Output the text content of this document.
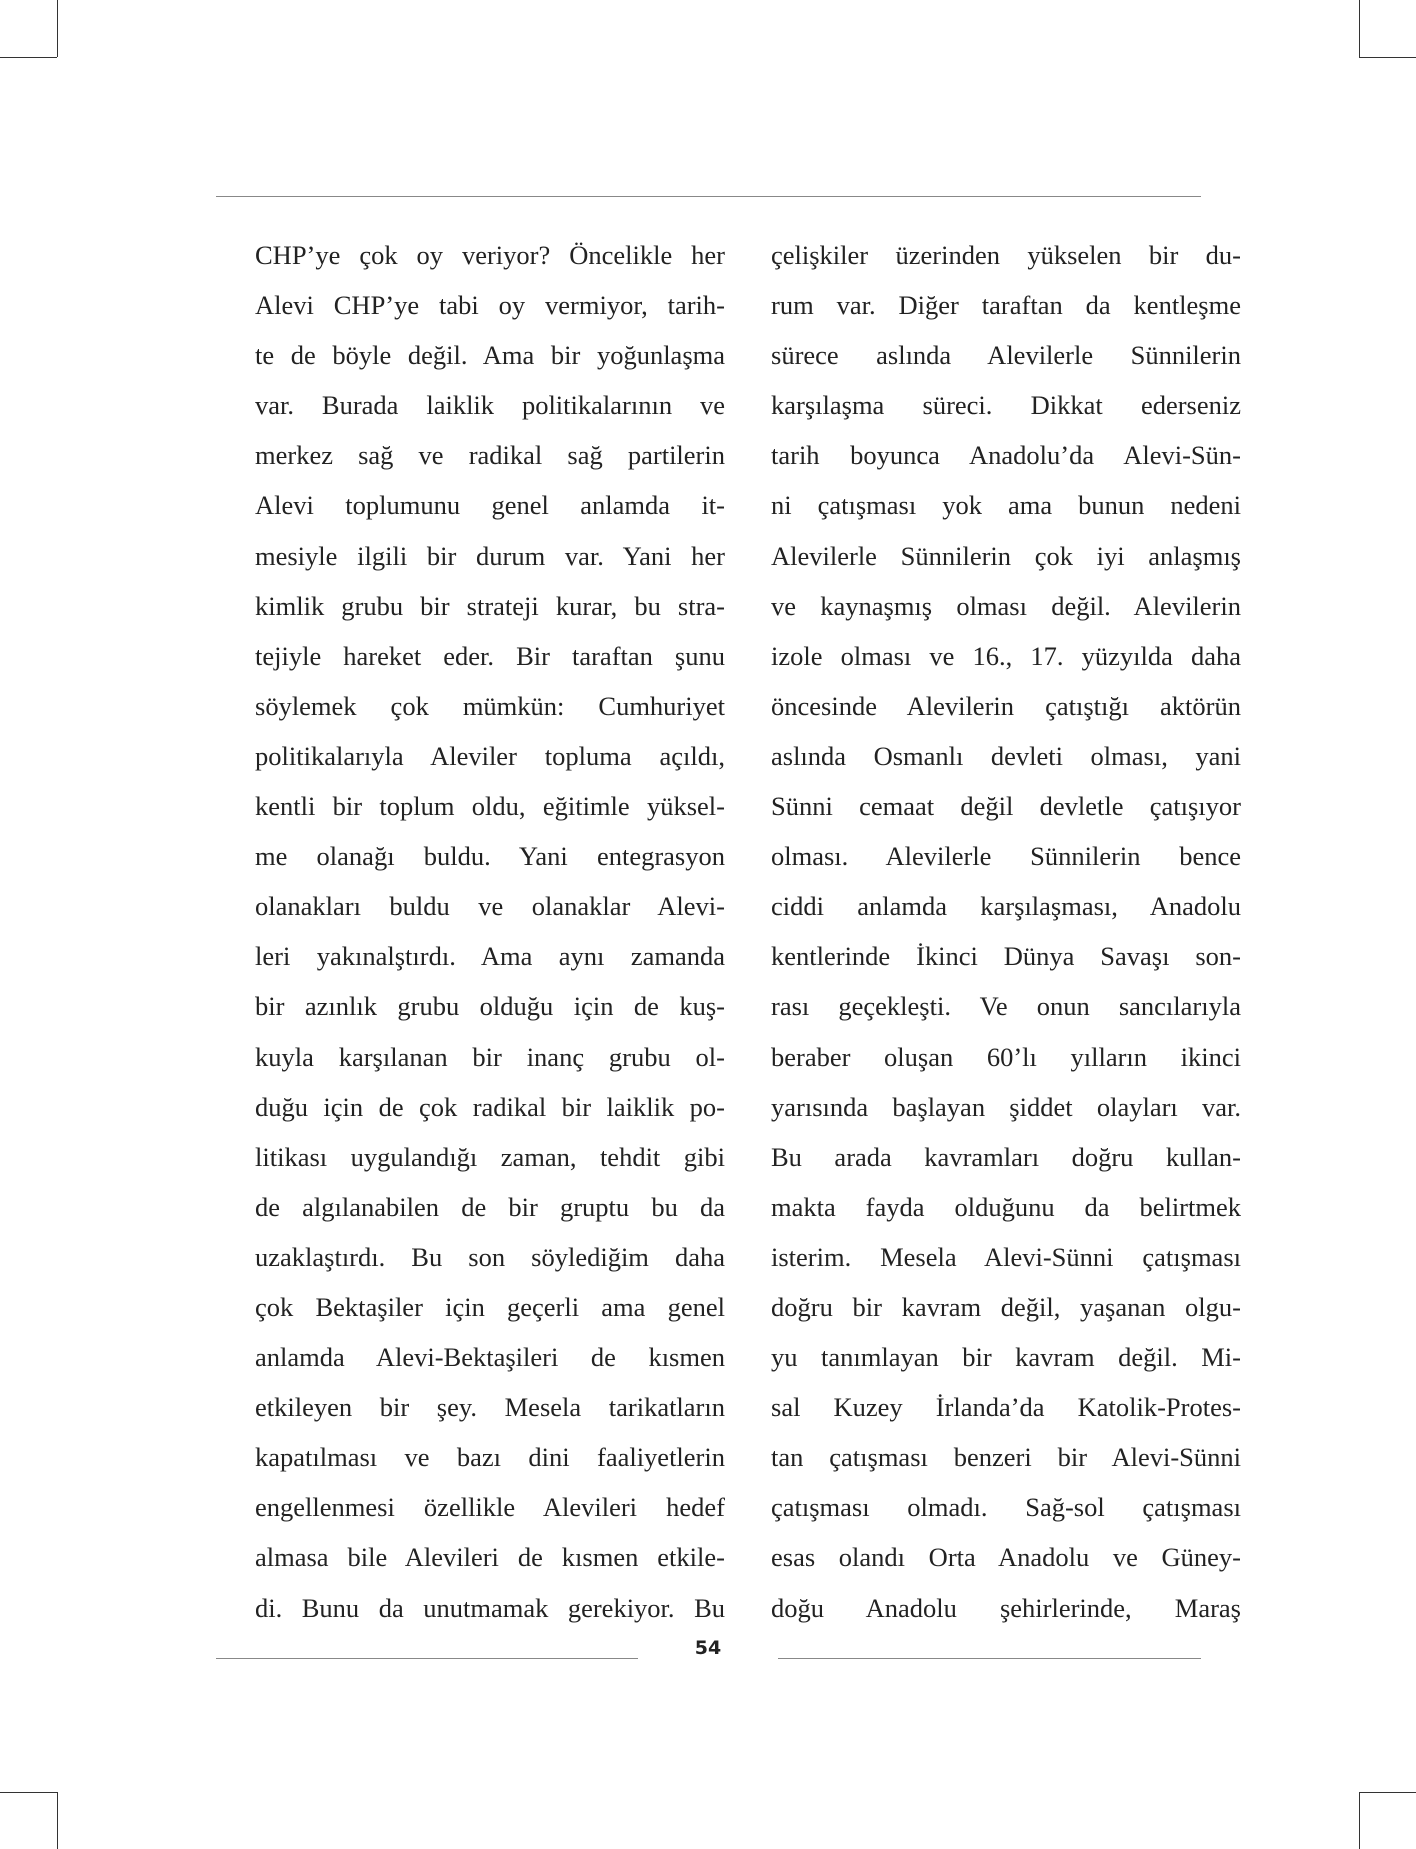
CHP’ye çok oy veriyor? Öncelikle her
Alevi CHP’ye tabi oy vermiyor, tarih-
te de böyle değil. Ama bir yoğunlaşma
var. Burada laiklik politikalarının ve
merkez sağ ve radikal sağ partilerin
Alevi toplumunu genel anlamda it-
mesiyle ilgili bir durum var. Yani her
kimlik grubu bir strateji kurar, bu stra-
tejiyle hareket eder. Bir taraftan şunu
söylemek çok mümkün: Cumhuriyet
politikalarıyla Aleviler topluma açıldı,
kentli bir toplum oldu, eğitimle yüksel-
me olanağı buldu. Yani entegrasyon
olanakları buldu ve olanaklar Alevi-
leri yakınalştırdı. Ama aynı zamanda
bir azınlık grubu olduğu için de kuş-
kuyla karşılanan bir inanç grubu ol-
duğu için de çok radikal bir laiklik po-
litikası uygulandığı zaman, tehdit gibi
de algılanabilen de bir gruptu bu da
uzaklaştırdı. Bu son söylediğim daha
çok Bektaşiler için geçerli ama genel
anlamda Alevi-Bektaşileri de kısmen
etkileyen bir şey. Mesela tarikatların
kapatılması ve bazı dini faaliyetlerin
engellenmesi özellikle Alevileri hedef
almasa bile Alevileri de kısmen etkile-
di. Bunu da unutmamak gerekiyor. Bu
çelişkiler üzerinden yükselen bir du-
rum var. Diğer taraftan da kentleşme
sürece aslında Alevilerle Sünnilerin
karşılaşma süreci. Dikkat ederseniz
tarih boyunca Anadolu’da Alevi-Sün-
ni çatışması yok ama bunun nedeni
Alevilerle Sünnilerin çok iyi anlaşmış
ve kaynaşmış olması değil. Alevilerin
izole olması ve 16., 17. yüzyılda daha
öncesinde Alevilerin çatıştığı aktörün
aslında Osmanlı devleti olması, yani
Sünni cemaat değil devletle çatışıyor
olması. Alevilerle Sünnilerin bence
ciddi anlamda karşılaşması, Anadolu
kentlerinde İkinci Dünya Savaşı son-
rası geçekleşti. Ve onun sancılarıyla
beraber oluşan 60’lı yılların ikinci
yarısında başlayan şiddet olayları var.
Bu arada kavramları doğru kullan-
makta fayda olduğunu da belirtmek
isterim. Mesela Alevi-Sünni çatışması
doğru bir kavram değil, yaşanan olgu-
yu tanımlayan bir kavram değil. Mi-
sal Kuzey İrlanda’da Katolik-Protes-
tan çatışması benzeri bir Alevi-Sünni
çatışması olmadı. Sağ-sol çatışması
esas olandı Orta Anadolu ve Güney-
doğu Anadolu şehirlerinde, Maraş
54
